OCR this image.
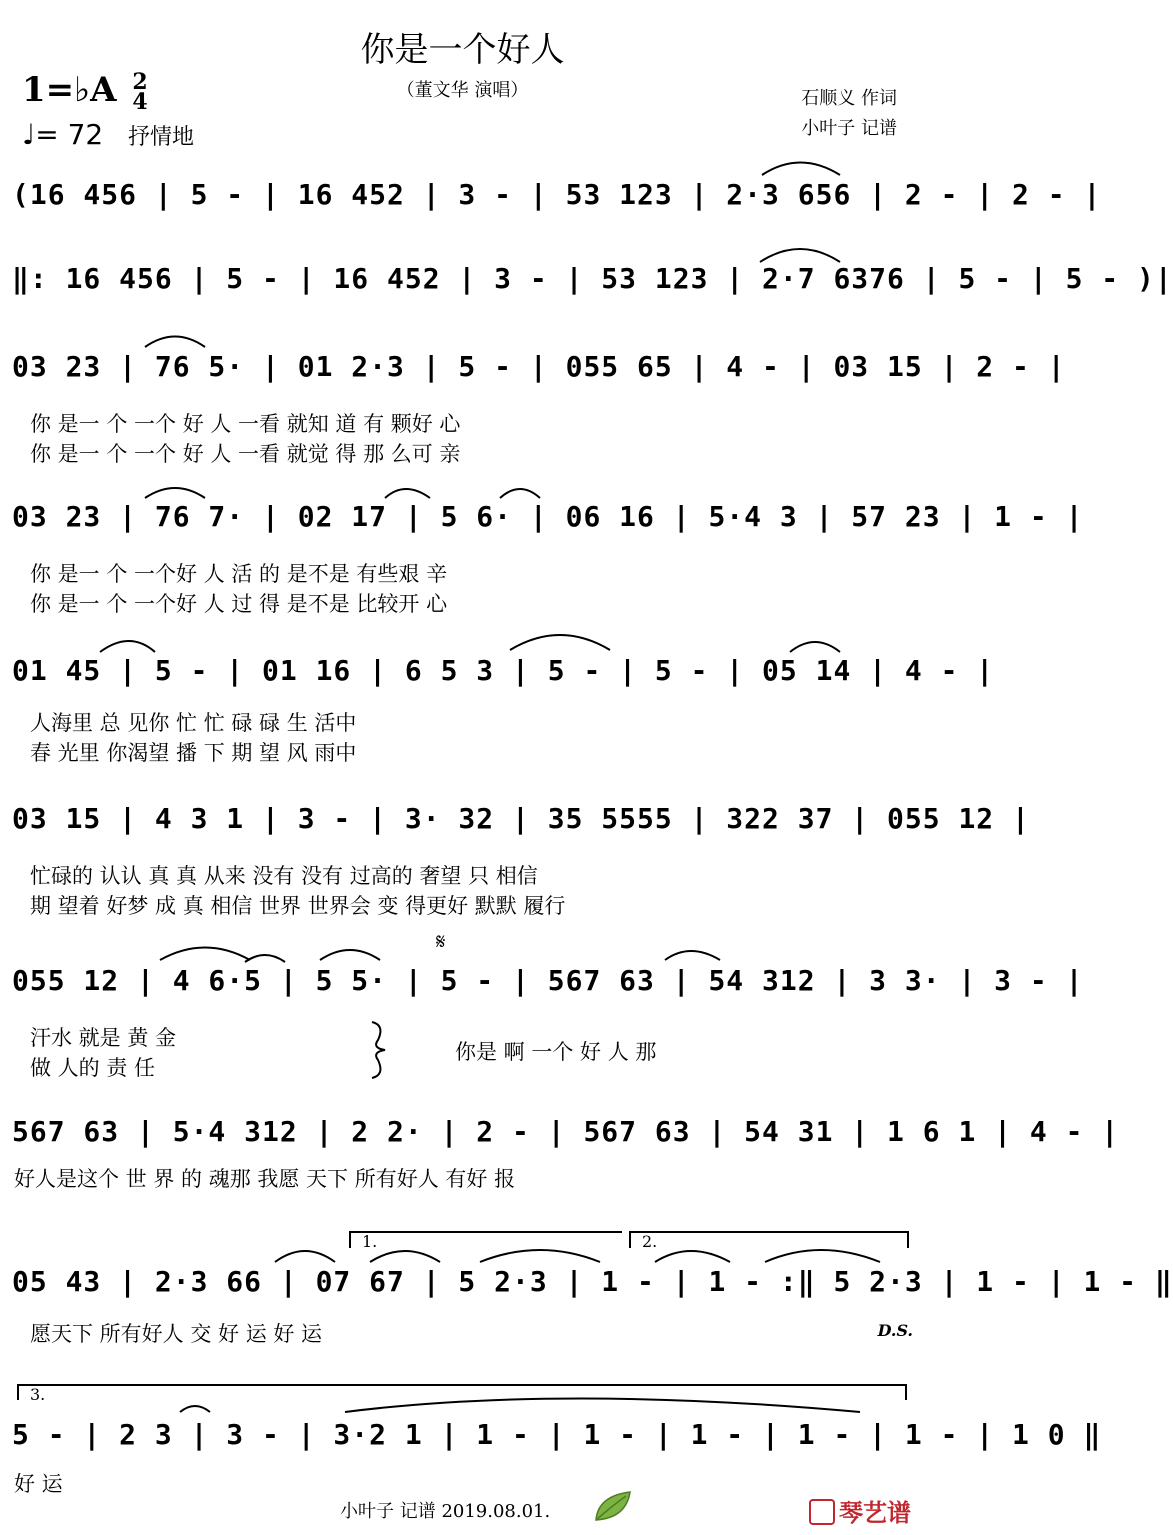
你是一个好人
（董文华 演唱）
1=♭A 2
4
♩= 72 抒情地
石顺义 作词
小叶子 记谱
(16 456 | 5 - | 16 452 | 3 - | 53 123 | 2·3 656 | 2 - | 2 - |
‖: 16 456 | 5 - | 16 452 | 3 - | 53 123 | 2·7 6376 | 5 - | 5 - )|
03 23 | 76 5· | 01 2·3 | 5 - | 055 65 | 4 - | 03 15 | 2 - |
你 是一 个 一个 好 人 一看 就知 道 有 颗好 心
你 是一 个 一个 好 人 一看 就觉 得 那 么可 亲
03 23 | 76 7· | 02 17 | 5 6· | 06 16 | 5·4 3 | 57 23 | 1 - |
你 是一 个 一个好 人 活 的 是不是 有些艰 辛
你 是一 个 一个好 人 过 得 是不是 比较开 心
01 45 | 5 - | 01 16 | 6 5 3 | 5 - | 5 - | 05 14 | 4 - |
人海里 总 见你 忙 忙 碌 碌 生 活中
春 光里 你渴望 播 下 期 望 风 雨中
03 15 | 4 3 1 | 3 - | 3· 32 | 35 5555 | 322 37 | 055 12 |
忙碌的 认认 真 真 从来 没有 没有 过高的 奢望 只 相信
期 望着 好梦 成 真 相信 世界 世界会 变 得更好 默默 履行
𝄋
055 12 | 4 6·5 | 5 5· | 5 - | 567 63 | 54 312 | 3 3· | 3 - |
汗水 就是 黄 金
做 人的 责 任
你是 啊 一个 好 人 那
567 63 | 5·4 312 | 2 2· | 2 - | 567 63 | 54 31 | 1 6 1 | 4 - |
好人是这个 世 界 的 魂那 我愿 天下 所有好人 有好 报
1.	2.
05 43 | 2·3 66 | 07 67 | 5 2·3 | 1 - | 1 - :‖ 5 2·3 | 1 - | 1 - ‖
愿天下 所有好人 交 好 运 好 运	D.S.
3.
5 - | 2 3 | 3 - | 3·2 1 | 1 - | 1 - | 1 - | 1 - | 1 - | 1 0 ‖
好 运
小叶子 记谱 2019.08.01.	琴艺谱
